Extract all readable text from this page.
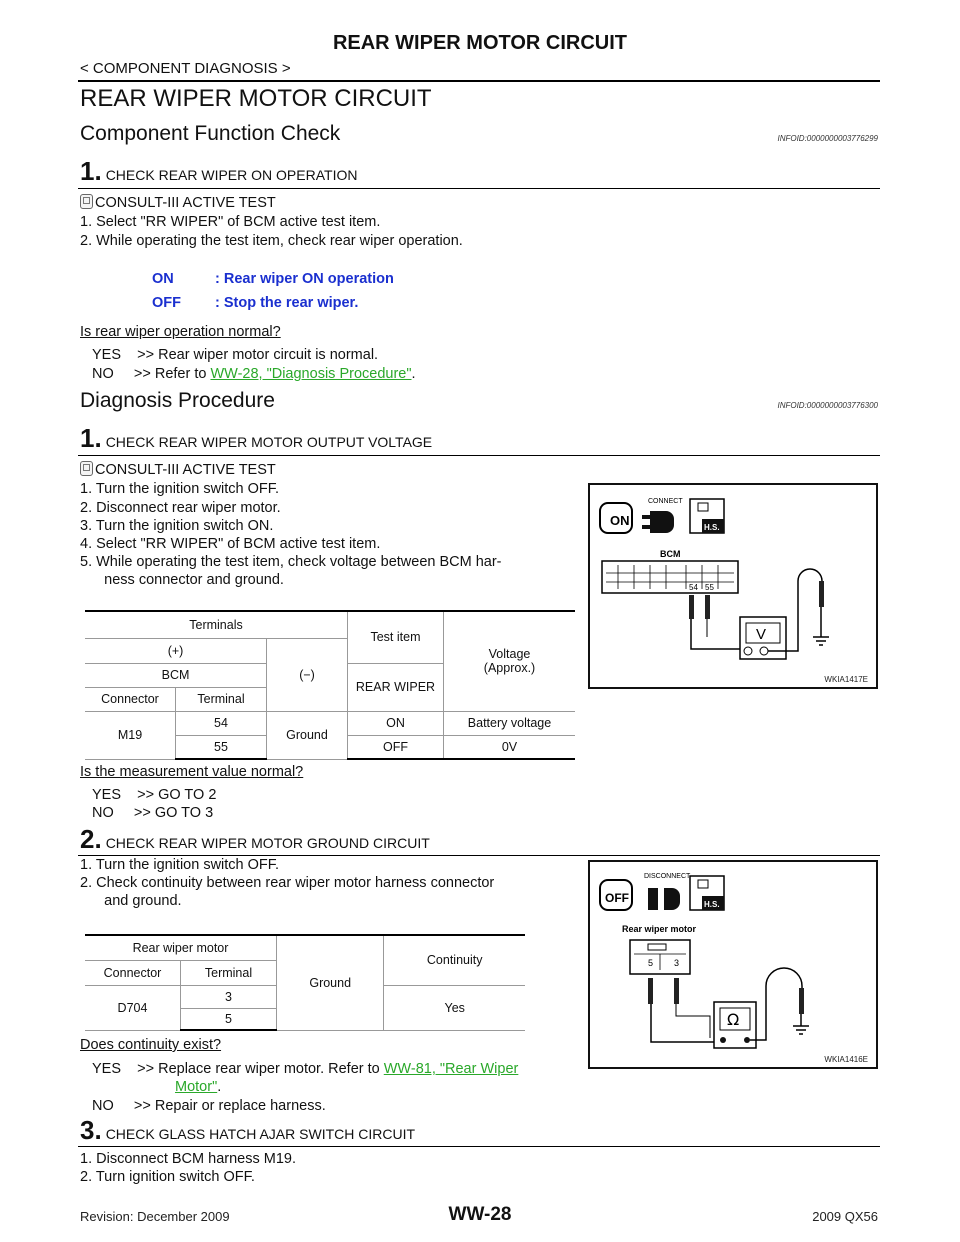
REAR WIPER MOTOR CIRCUIT
< COMPONENT DIAGNOSIS >
REAR WIPER MOTOR CIRCUIT
Component Function Check	INFOID:0000000003776299
1. CHECK REAR WIPER ON OPERATION
CONSULT-III ACTIVE TEST
1. Select "RR WIPER" of BCM active test item.
2. While operating the test item, check rear wiper operation.
ON	: Rear wiper ON operation
OFF : Stop the rear wiper.
Is rear wiper operation normal?
YES    >> Rear wiper motor circuit is normal.
NO     >> Refer to WW-28, "Diagnosis Procedure".
Diagnosis Procedure	INFOID:0000000003776300
1. CHECK REAR WIPER MOTOR OUTPUT VOLTAGE
CONSULT-III ACTIVE TEST
1. Turn the ignition switch OFF.
2. Disconnect rear wiper motor.
3. Turn the ignition switch ON.
4. Select "RR WIPER" of BCM active test item.
5. While operating the test item, check voltage between BCM har-
ness connector and ground.
Terminals			Test item	Voltage
(Approx.)
(+)		(−)		
BCM			REAR WIPER	
Connector	Terminal			
M19	54	Ground	ON	Battery voltage
	55		OFF	0V
ON
CONNECT
H.S.
BCM
54 55
V
WKIA1417E
Is the measurement value normal?
YES    >> GO TO 2
NO     >> GO TO 3
2. CHECK REAR WIPER MOTOR GROUND CIRCUIT
1. Turn the ignition switch OFF.
2. Check continuity between rear wiper motor harness connector
and ground.
Rear wiper motor		Ground	Continuity
Connector	Terminal		
D704	3		Yes
	5		
OFF
DISCONNECT
H.S.
Rear wiper motor
5 3
Ω
WKIA1416E
Does continuity exist?
YES    >> Replace rear wiper motor. Refer to WW-81, "Rear Wiper
Motor".
NO     >> Repair or replace harness.
3. CHECK GLASS HATCH AJAR SWITCH CIRCUIT
1. Disconnect BCM harness M19.
2. Turn ignition switch OFF.
Revision: December 2009	WW-28	2009 QX56
